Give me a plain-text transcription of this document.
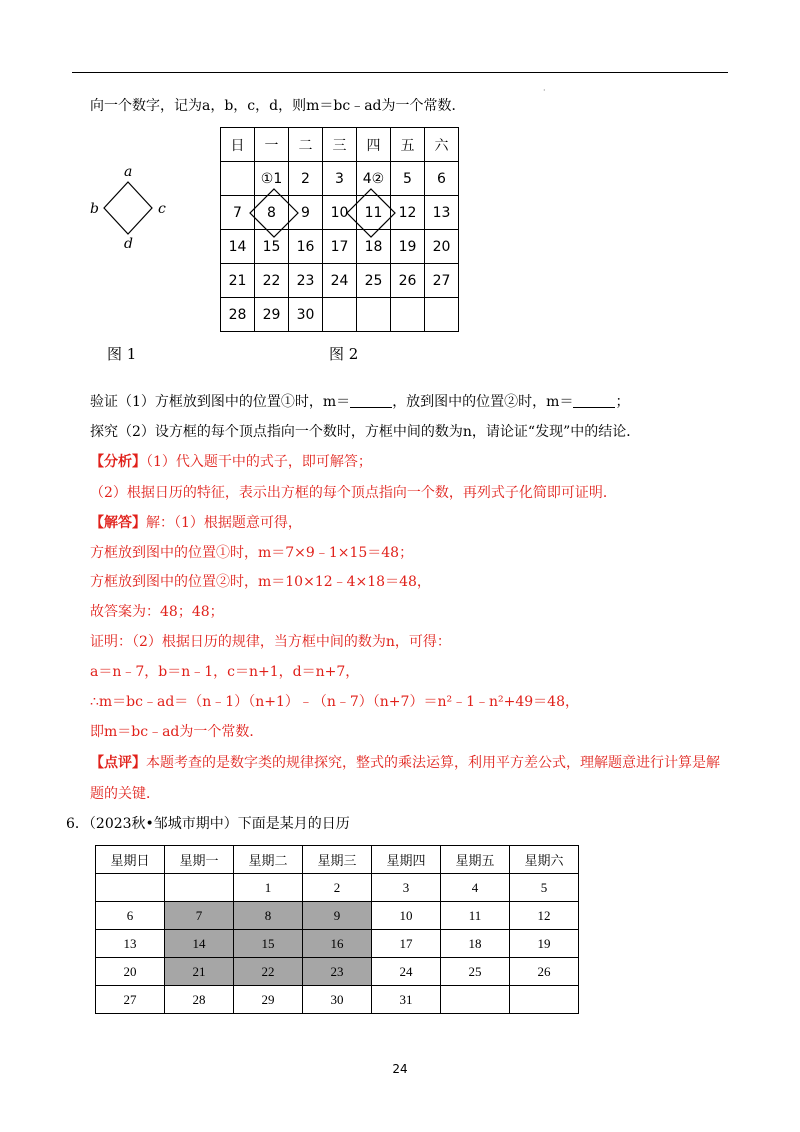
·
向一个数字，记为a，b，c，d，则m＝bc﹣ad为一个常数．
a
b	c
d
图 1
日	一	二	三	四	五	六
	①1	2	3	4②	5	6
7	8	9	10	11	12	13
14	15	16	17	18	19	20
21	22	23	24	25	26	27
28	29	30				
图 2
验证（1）方框放到图中的位置①时，m＝	，放到图中的位置②时，m＝	；
探究（2）设方框的每个顶点指向一个数时，方框中间的数为n，请论证“发现”中的结论．
【分析】（1）代入题干中的式子，即可解答；
（2）根据日历的特征，表示出方框的每个顶点指向一个数，再列式子化简即可证明．
【解答】解：（1）根据题意可得，
方框放到图中的位置①时，m＝7×9﹣1×15＝48；
方框放到图中的位置②时，m＝10×12﹣4×18＝48，
故答案为：48；48；
证明：（2）根据日历的规律，当方框中间的数为n，可得：
a＝n﹣7，b＝n﹣1，c＝n+1，d＝n+7，
∴m＝bc﹣ad＝（n﹣1）（n+1）﹣（n﹣7）（n+7）＝n²﹣1﹣n²+49＝48，
即m＝bc﹣ad为一个常数．
【点评】本题考查的是数字类的规律探究，整式的乘法运算，利用平方差公式，理解题意进行计算是解
题的关键．
6．（2023秋•邹城市期中）下面是某月的日历
星期日	星期一	星期二	星期三	星期四	星期五	星期六
		1	2	3	4	5
6	7	8	9	10	11	12
13	14	15	16	17	18	19
20	21	22	23	24	25	26
27	28	29	30	31		
24
